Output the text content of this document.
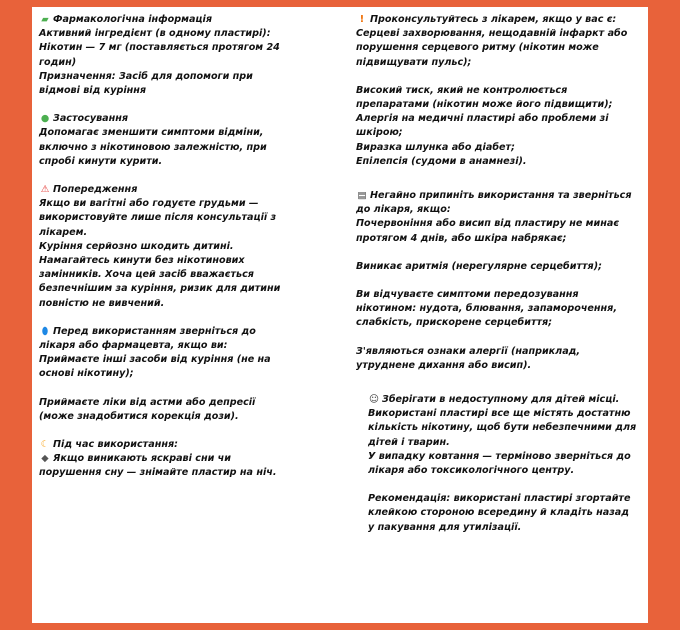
▰ Фармакологічна інформація
Активний інгредієнт (в одному пластирі):
Нікотин — 7 мг (поставляється протягом 24 годин)
Призначення: Засіб для допомоги при відмові від куріння
● Застосування
Допомагає зменшити симптоми відміни, включно з нікотиновою залежністю, при спробі кинути курити.
⚠ Попередження
Якщо ви вагітні або годуєте грудьми — використовуйте лише після консультації з лікарем.
Куріння серйозно шкодить дитині.
Намагайтесь кинути без нікотинових замінників. Хоча цей засіб вважається безпечнішим за куріння, ризик для дитини повністю не вивчений.
⬮ Перед використанням зверніться до лікаря або фармацевта, якщо ви:
Приймаєте інші засоби від куріння (не на основі нікотину);
Приймаєте ліки від астми або депресії (може знадобитися корекція дози).
☾ Під час використання:
◆ Якщо виникають яскраві сни чи порушення сну — знімайте пластир на ніч.
! Проконсультуйтесь з лікарем, якщо у вас є:
Серцеві захворювання, нещодавній інфаркт або порушення серцевого ритму (нікотин може підвищувати пульс);
Високий тиск, який не контролюється препаратами (нікотин може його підвищити);
Алергія на медичні пластирі або проблеми зі шкірою;
Виразка шлунка або діабет;
Епілепсія (судоми в анамнезі).
▤ Негайно припиніть використання та зверніться до лікаря, якщо:
Почервоніння або висип від пластиру не минає протягом 4 днів, або шкіра набрякає;
Виникає аритмія (нерегулярне серцебиття);
Ви відчуваєте симптоми передозування нікотином: нудота, блювання, запаморочення, слабкість, прискорене серцебиття;
З'являються ознаки алергії (наприклад, утруднене дихання або висип).
☺ Зберігати в недоступному для дітей місці.
Використані пластирі все ще містять достатню кількість нікотину, щоб бути небезпечними для дітей і тварин.
У випадку ковтання — терміново зверніться до лікаря або токсикологічного центру.
Рекомендація: використані пластирі згортайте клейкою стороною всередину й кладіть назад у пакування для утилізації.
